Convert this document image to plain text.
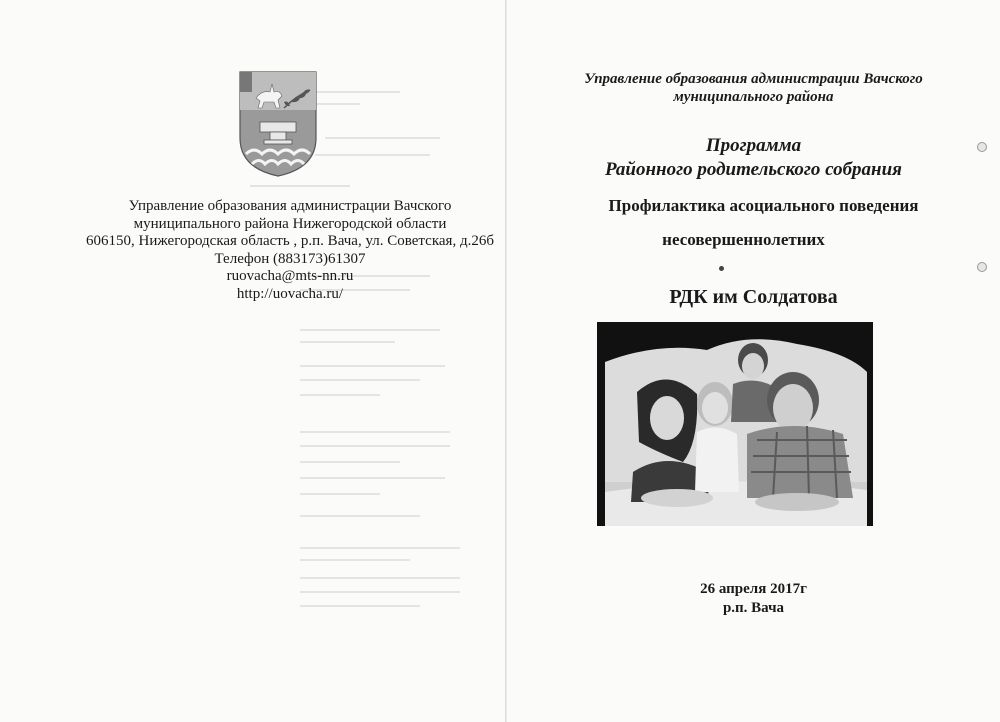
Управление образования администрации Вачского
муниципального района Нижегородской области
606150, Нижегородская область , р.п. Вача, ул. Советская, д.26б
Телефон (883173)61307
ruovacha@mts-nn.ru
http://uovacha.ru/
Управление образования администрации Вачского
муниципального района
Программа
Районного родительского собрания
Профилактика асоциального поведения
несовершеннолетних
РДК им Солдатова
26 апреля 2017г
р.п. Вача
